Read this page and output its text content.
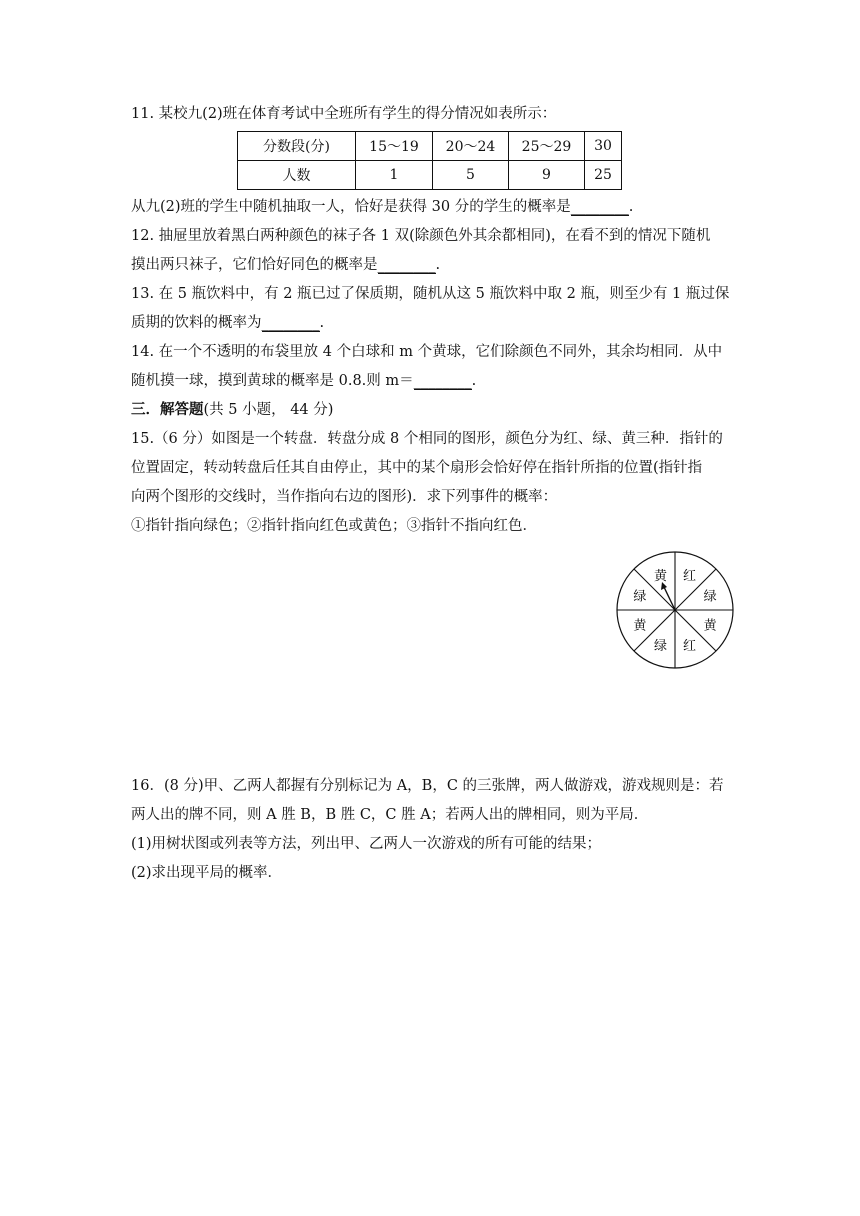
11. 某校九(2)班在体育考试中全班所有学生的得分情况如表所示：
分数段(分)	15～19	20～24	25～29	30
人数	1	5	9	25
从九(2)班的学生中随机抽取一人，恰好是获得 30 分的学生的概率是________.
12. 抽屉里放着黑白两种颜色的袜子各 1 双(除颜色外其余都相同)，在看不到的情况下随机
摸出两只袜子，它们恰好同色的概率是________.
13. 在 5 瓶饮料中，有 2 瓶已过了保质期，随机从这 5 瓶饮料中取 2 瓶，则至少有 1 瓶过保
质期的饮料的概率为________.
14. 在一个不透明的布袋里放 4 个白球和 m 个黄球，它们除颜色不同外，其余均相同．从中
随机摸一球，摸到黄球的概率是 0.8.则 m＝________.
三．解答题(共 5 小题， 44 分)
15.（6 分）如图是一个转盘．转盘分成 8 个相同的图形，颜色分为红、绿、黄三种．指针的
位置固定，转动转盘后任其自由停止，其中的某个扇形会恰好停在指针所指的位置(指针指
向两个图形的交线时，当作指向右边的图形)．求下列事件的概率：
①指针指向绿色；②指针指向红色或黄色；③指针不指向红色．
红
绿
黄
红
绿
黄
绿
黄
16．(8 分)甲、乙两人都握有分别标记为 A，B，C 的三张牌，两人做游戏，游戏规则是：若
两人出的牌不同，则 A 胜 B，B 胜 C，C 胜 A；若两人出的牌相同，则为平局．
(1)用树状图或列表等方法，列出甲、乙两人一次游戏的所有可能的结果；
(2)求出现平局的概率．
